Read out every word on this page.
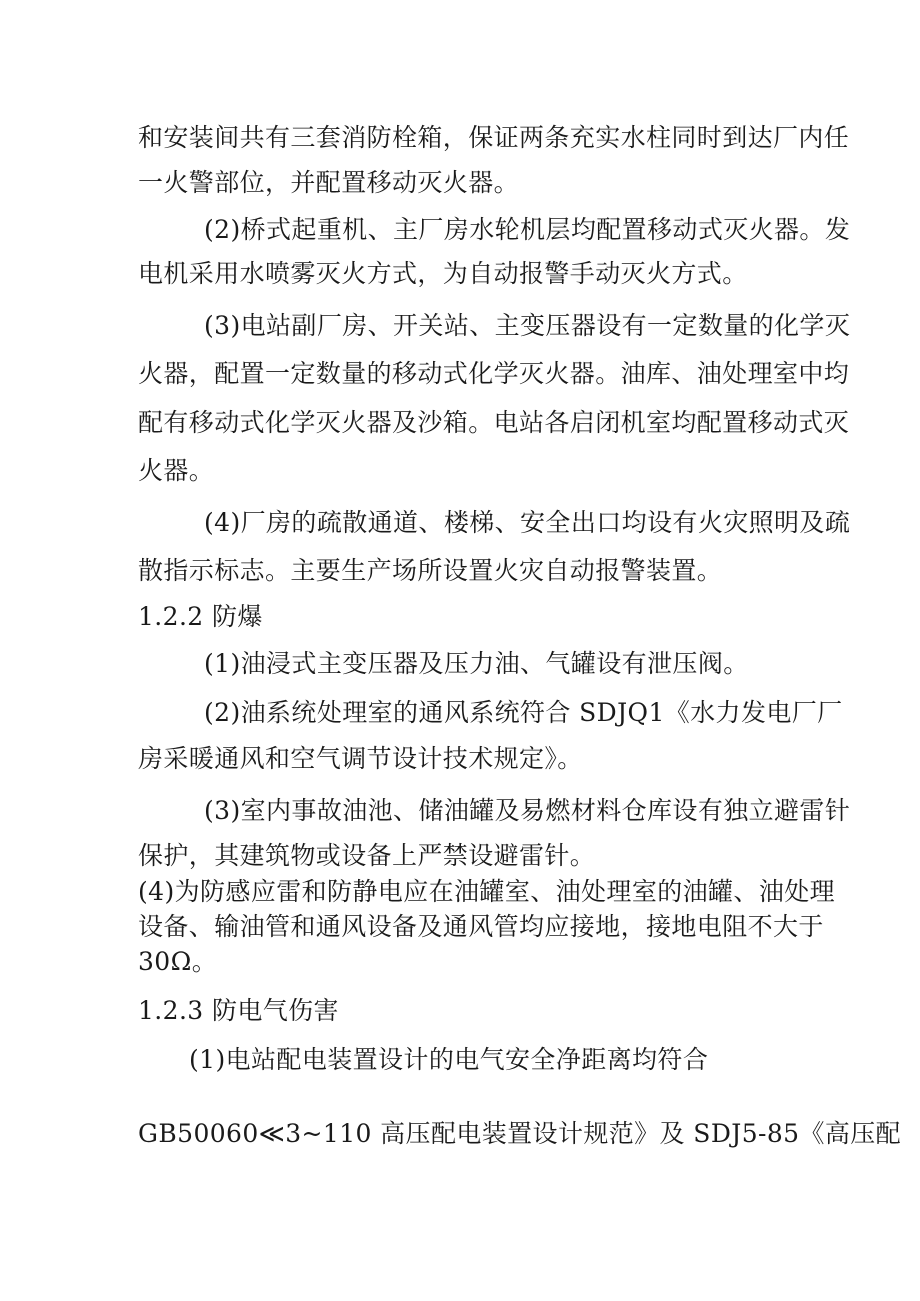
和安装间共有三套消防栓箱，保证两条充实水柱同时到达厂内任
一火警部位，并配置移动灭火器。
(2)桥式起重机、主厂房水轮机层均配置移动式灭火器。发
电机采用水喷雾灭火方式，为自动报警手动灭火方式。
(3)电站副厂房、开关站、主变压器设有一定数量的化学灭
火器，配置一定数量的移动式化学灭火器。油库、油处理室中均
配有移动式化学灭火器及沙箱。电站各启闭机室均配置移动式灭
火器。
(4)厂房的疏散通道、楼梯、安全出口均设有火灾照明及疏
散指示标志。主要生产场所设置火灾自动报警装置。
1.2.2 防爆
(1)油浸式主变压器及压力油、气罐设有泄压阀。
(2)油系统处理室的通风系统符合 SDJQ1《水力发电厂厂
房采暖通风和空气调节设计技术规定》。
(3)室内事故油池、储油罐及易燃材料仓库设有独立避雷针
保护，其建筑物或设备上严禁设避雷针。
(4)为防感应雷和防静电应在油罐室、油处理室的油罐、油处理
设备、输油管和通风设备及通风管均应接地，接地电阻不大于
30Ω。
1.2.3 防电气伤害
(1)电站配电装置设计的电气安全净距离均符合
GB50060≪3~110 高压配电装置设计规范》及 SDJ5-85《高压配
